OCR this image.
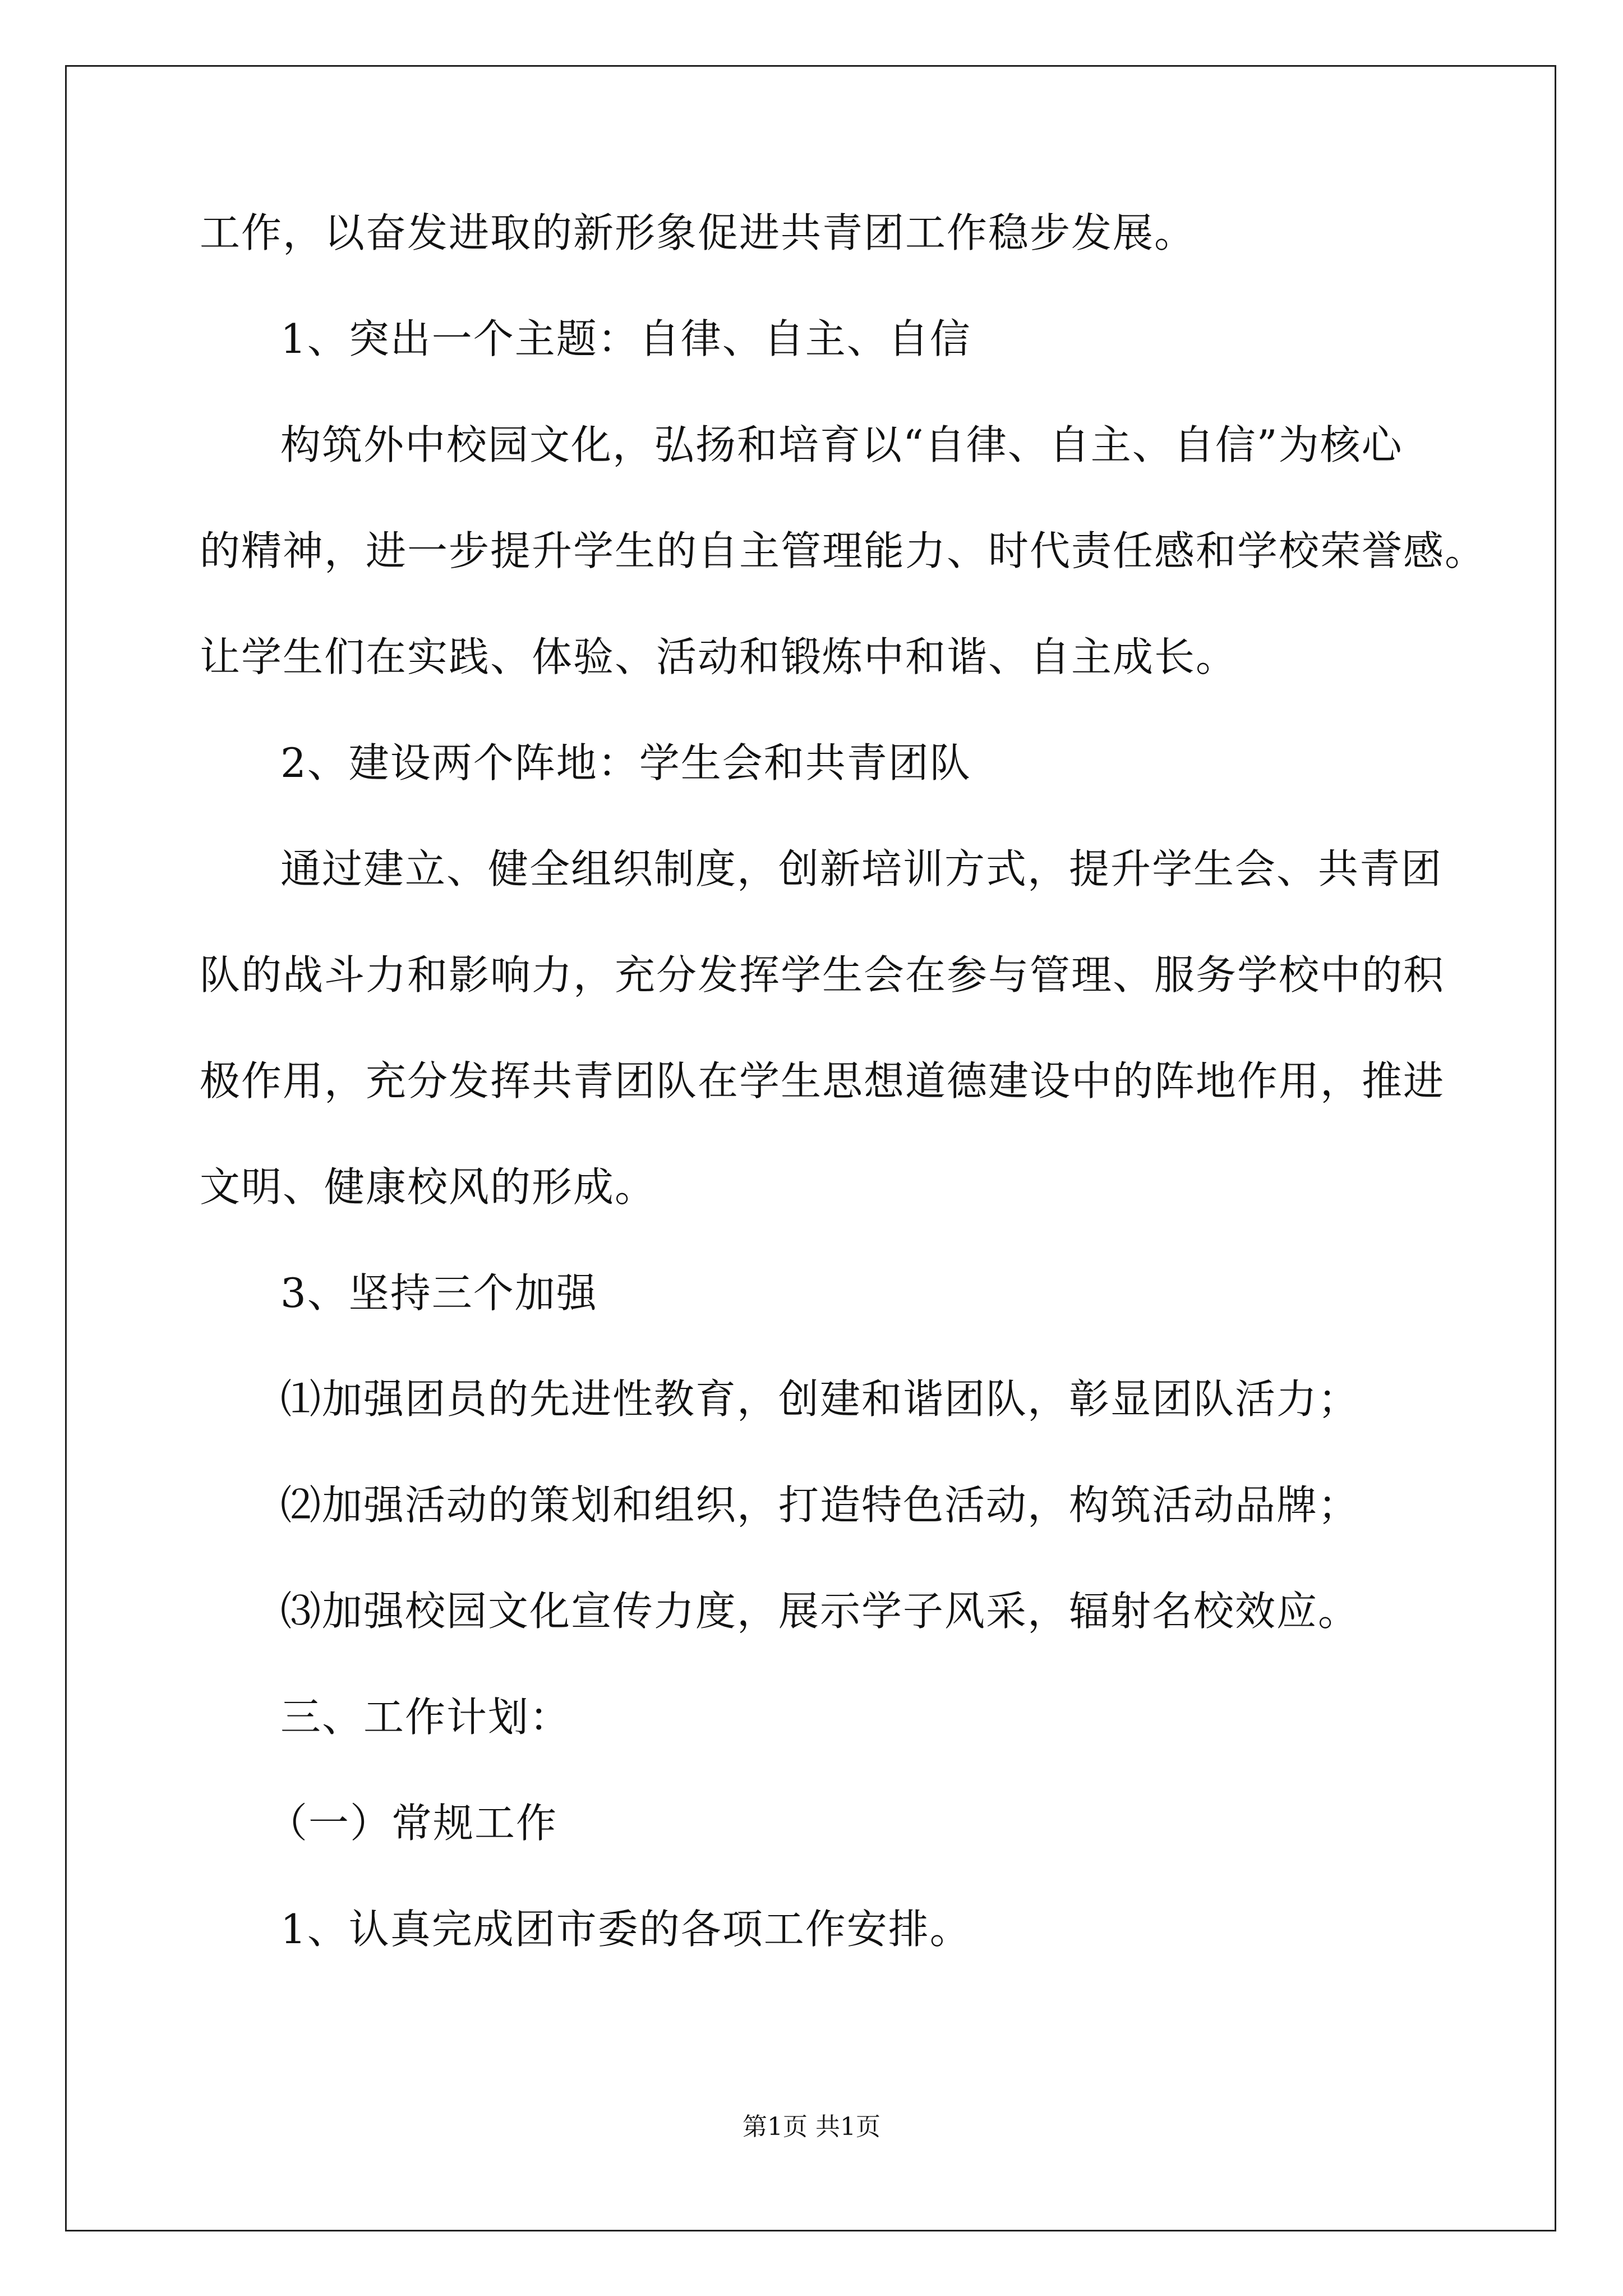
工作，以奋发进取的新形象促进共青团工作稳步发展。
1、突出一个主题：自律、自主、自信
构筑外中校园文化，弘扬和培育以“自律、自主、自信”为核心
的精神，进一步提升学生的自主管理能力、时代责任感和学校荣誉感。
让学生们在实践、体验、活动和锻炼中和谐、自主成长。
2、建设两个阵地：学生会和共青团队
通过建立、健全组织制度，创新培训方式，提升学生会、共青团
队的战斗力和影响力，充分发挥学生会在参与管理、服务学校中的积
极作用，充分发挥共青团队在学生思想道德建设中的阵地作用，推进
文明、健康校风的形成。
3、坚持三个加强
⑴加强团员的先进性教育，创建和谐团队，彰显团队活力；
⑵加强活动的策划和组织，打造特色活动，构筑活动品牌；
⑶加强校园文化宣传力度，展示学子风采，辐射名校效应。
三、工作计划：
（一）常规工作
1、认真完成团市委的各项工作安排。
第1页 共1页
